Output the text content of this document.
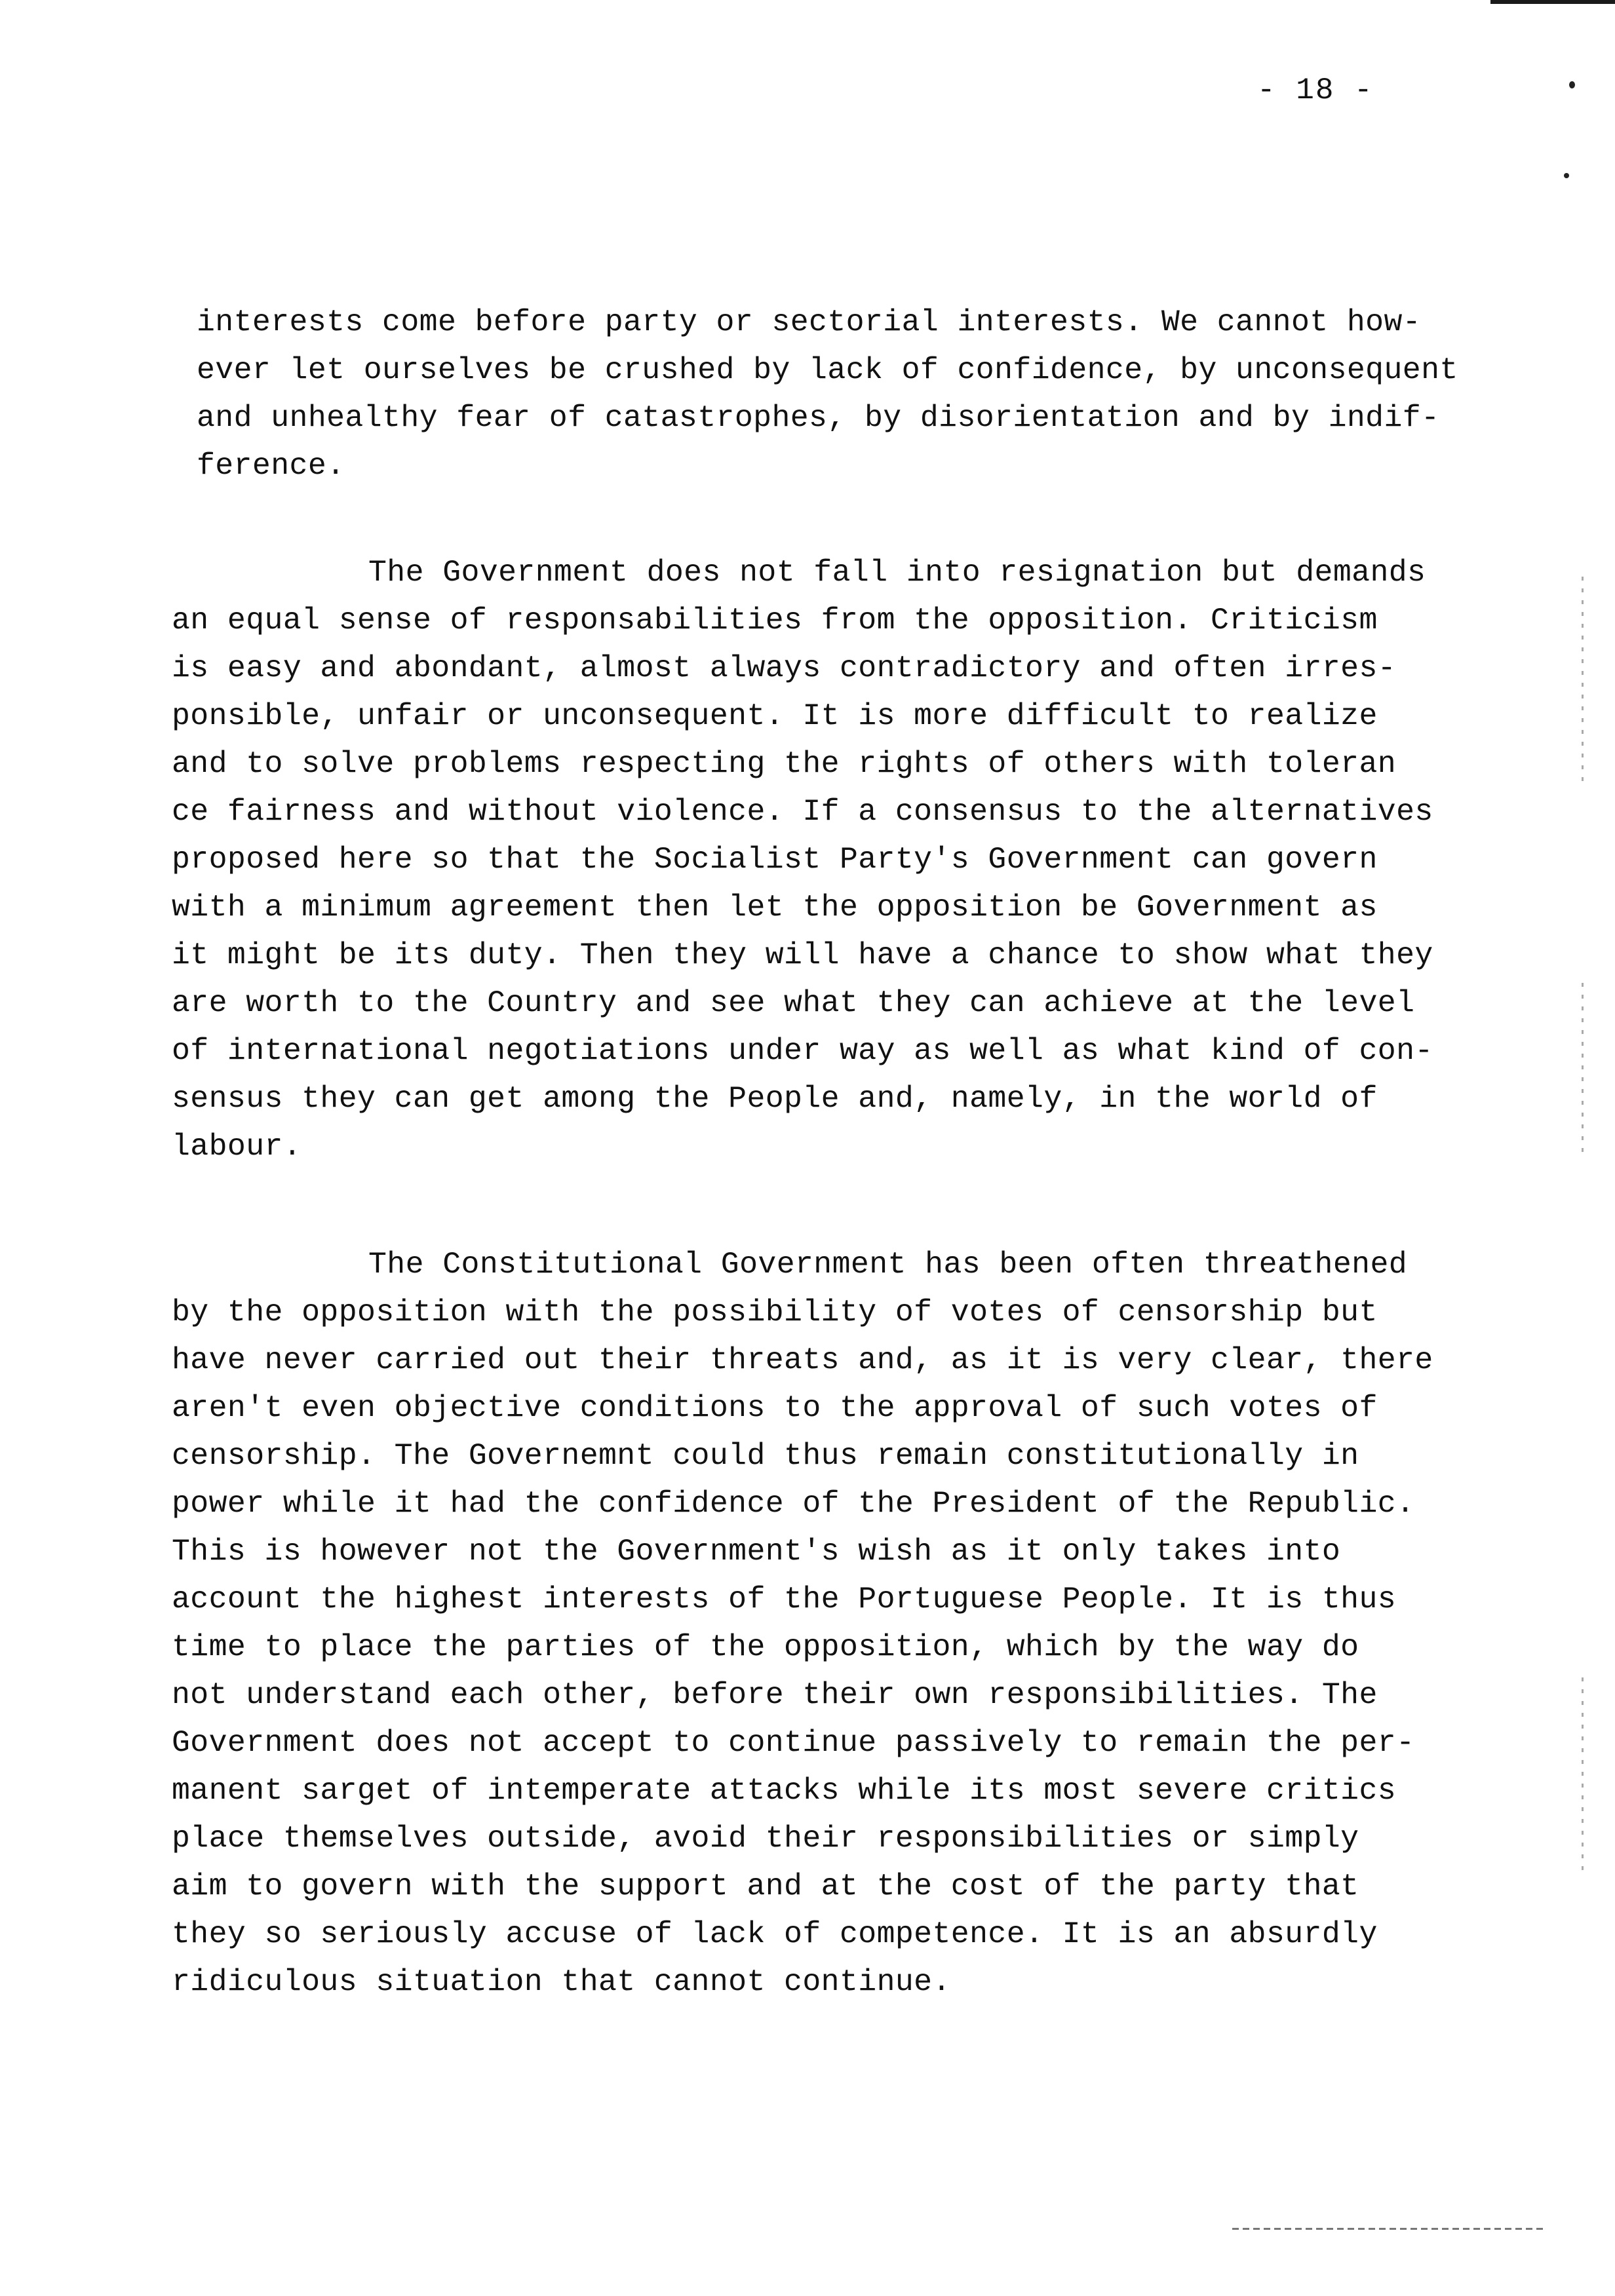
- 18 -
interests come before party or sectorial interests. We cannot how-
ever let ourselves be crushed by lack of confidence, by unconsequent
and unhealthy fear of catastrophes, by disorientation and by indif-
ference.
The Government does not fall into resignation but demands
an equal sense of responsabilities from the opposition. Criticism
is easy and abondant, almost always contradictory and often irres-
ponsible, unfair or unconsequent. It is more difficult to realize
and to solve problems respecting the rights of others with toleran
ce fairness and without violence. If a consensus to the alternatives
proposed here so that the Socialist Party's Government can govern
with a minimum agreement then let the opposition be Government as
it might be its duty. Then they will have a chance to show what they
are worth to the Country and see what they can achieve at the level
of international negotiations under way as well as what kind of con-
sensus they can get among the People and, namely, in the world of
labour.
The Constitutional Government has been often threathened
by the opposition with the possibility of votes of censorship but
have never carried out their threats and, as it is very clear, there
aren't even objective conditions to the approval of such votes of
censorship. The Governemnt could thus remain constitutionally in
power while it had the confidence of the President of the Republic.
This is however not the Government's wish as it only takes into
account the highest interests of the Portuguese People. It is thus
time to place the parties of the opposition, which by the way do
not understand each other, before their own responsibilities. The
Government does not accept to continue passively to remain the per-
manent sarget of intemperate attacks while its most severe critics
place themselves outside, avoid their responsibilities or simply
aim to govern with the support and at the cost of the party that
they so seriously accuse of lack of competence. It is an absurdly
ridiculous situation that cannot continue.
